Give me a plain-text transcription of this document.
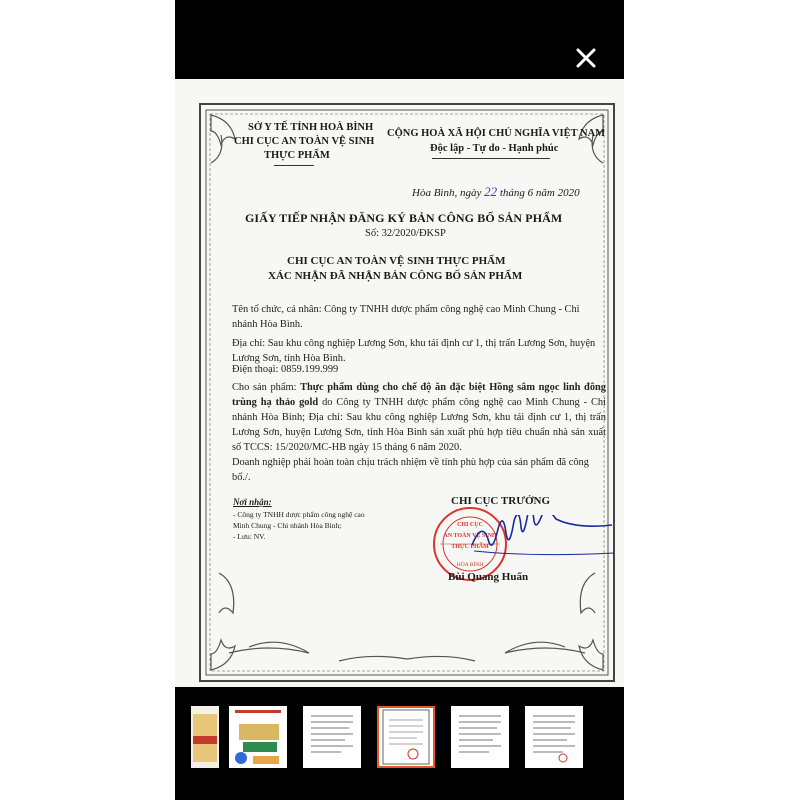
SỞ Y TẾ TỈNH HOÀ BÌNH
CHI CỤC AN TOÀN VỆ SINH
THỰC PHẨM
CỘNG HOÀ XÃ HỘI CHỦ NGHĨA VIỆT NAM
Độc lập - Tự do - Hạnh phúc
Hòa Bình, ngày 22 tháng 6 năm 2020
GIẤY TIẾP NHẬN ĐĂNG KÝ BẢN CÔNG BỐ SẢN PHẨM
Số: 32/2020/ĐKSP
CHI CỤC AN TOÀN VỆ SINH THỰC PHẨM
XÁC NHẬN ĐÃ NHẬN BẢN CÔNG BỐ SẢN PHẨM
Tên tổ chức, cá nhân: Công ty TNHH dược phẩm công nghệ cao Minh Chung - Chi nhánh Hòa Bình.
Địa chỉ: Sau khu công nghiệp Lương Sơn, khu tái định cư 1, thị trấn Lương Sơn, huyện Lương Sơn, tỉnh Hòa Bình.
Điện thoại: 0859.199.999
Cho sản phẩm: Thực phẩm dùng cho chế độ ăn đặc biệt Hồng sâm ngọc linh đông trùng hạ thảo gold do Công ty TNHH dược phẩm công nghệ cao Minh Chung - Chi nhánh Hòa Bình; Địa chỉ: Sau khu công nghiệp Lương Sơn, khu tái định cư 1, thị trấn Lương Sơn, huyện Lương Sơn, tỉnh Hòa Bình sản xuất phù hợp tiêu chuẩn nhà sản xuất số TCCS: 15/2020/MC-HB ngày 15 tháng 6 năm 2020.
Doanh nghiệp phải hoàn toàn chịu trách nhiệm về tính phù hợp của sản phẩm đã công bố./.
Nơi nhận:
- Công ty TNHH dược phẩm công nghệ cao
Minh Chung - Chi nhánh Hòa Bình;
- Lưu: NV.
CHI CỤC TRƯỞNG
CHI CỤC
AN TOÀN VỆ SINH
THỰC PHẨM
HÒA BÌNH
Bùi Quang Huấn
